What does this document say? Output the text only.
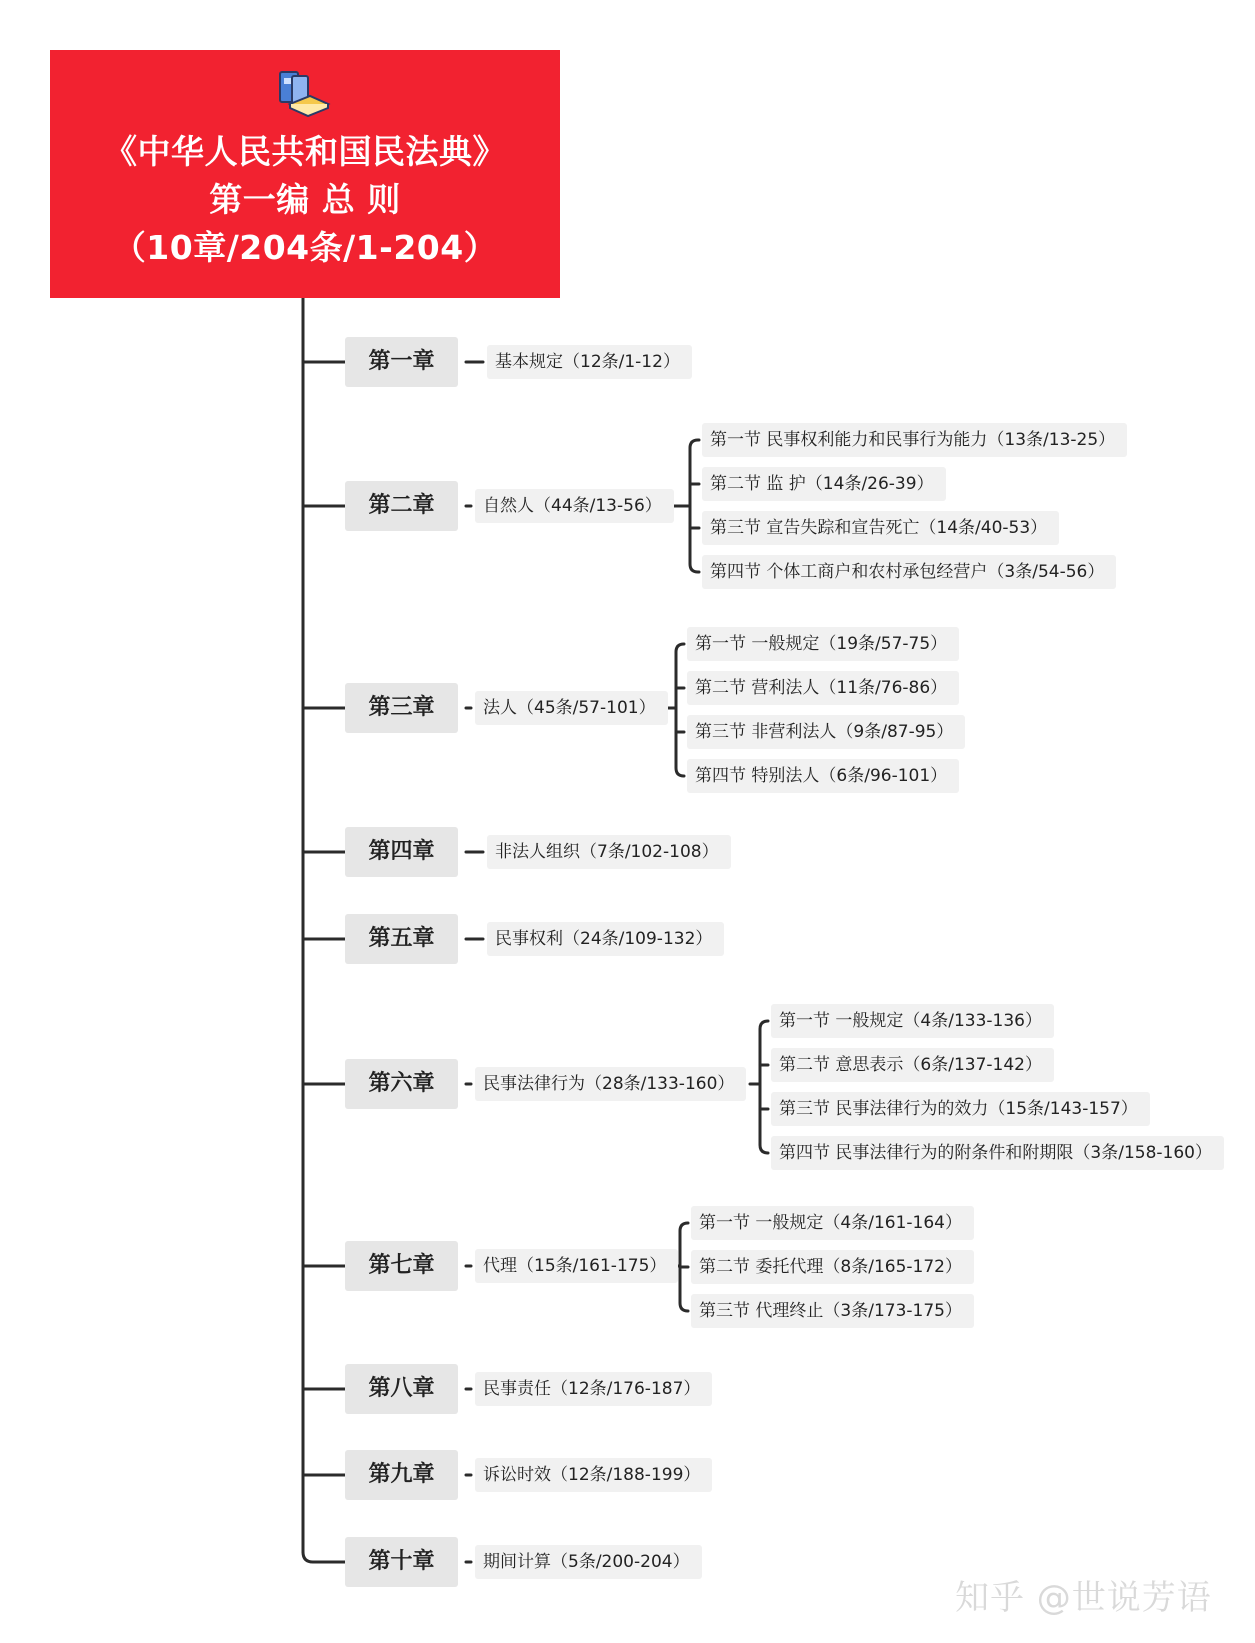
《中华人民共和国民法典》
第一编 总 则
（10章/204条/1-204）
第一章
第二章
第三章
第四章
第五章
第六章
第七章
第八章
第九章
第十章
基本规定（12条/1-12）
自然人（44条/13-56）
法人（45条/57-101）
非法人组织（7条/102-108）
民事权利（24条/109-132）
民事法律行为（28条/133-160）
代理（15条/161-175）
民事责任（12条/176-187）
诉讼时效（12条/188-199）
期间计算（5条/200-204）
第一节 民事权利能力和民事行为能力（13条/13-25）
第二节 监 护（14条/26-39）
第三节 宣告失踪和宣告死亡（14条/40-53）
第四节 个体工商户和农村承包经营户（3条/54-56）
第一节 一般规定（19条/57-75）
第二节 营利法人（11条/76-86）
第三节 非营利法人（9条/87-95）
第四节 特别法人（6条/96-101）
第一节 一般规定（4条/133-136）
第二节 意思表示（6条/137-142）
第三节 民事法律行为的效力（15条/143-157）
第四节 民事法律行为的附条件和附期限（3条/158-160）
第一节 一般规定（4条/161-164）
第二节 委托代理（8条/165-172）
第三节 代理终止（3条/173-175）
知乎 @世说芳语
